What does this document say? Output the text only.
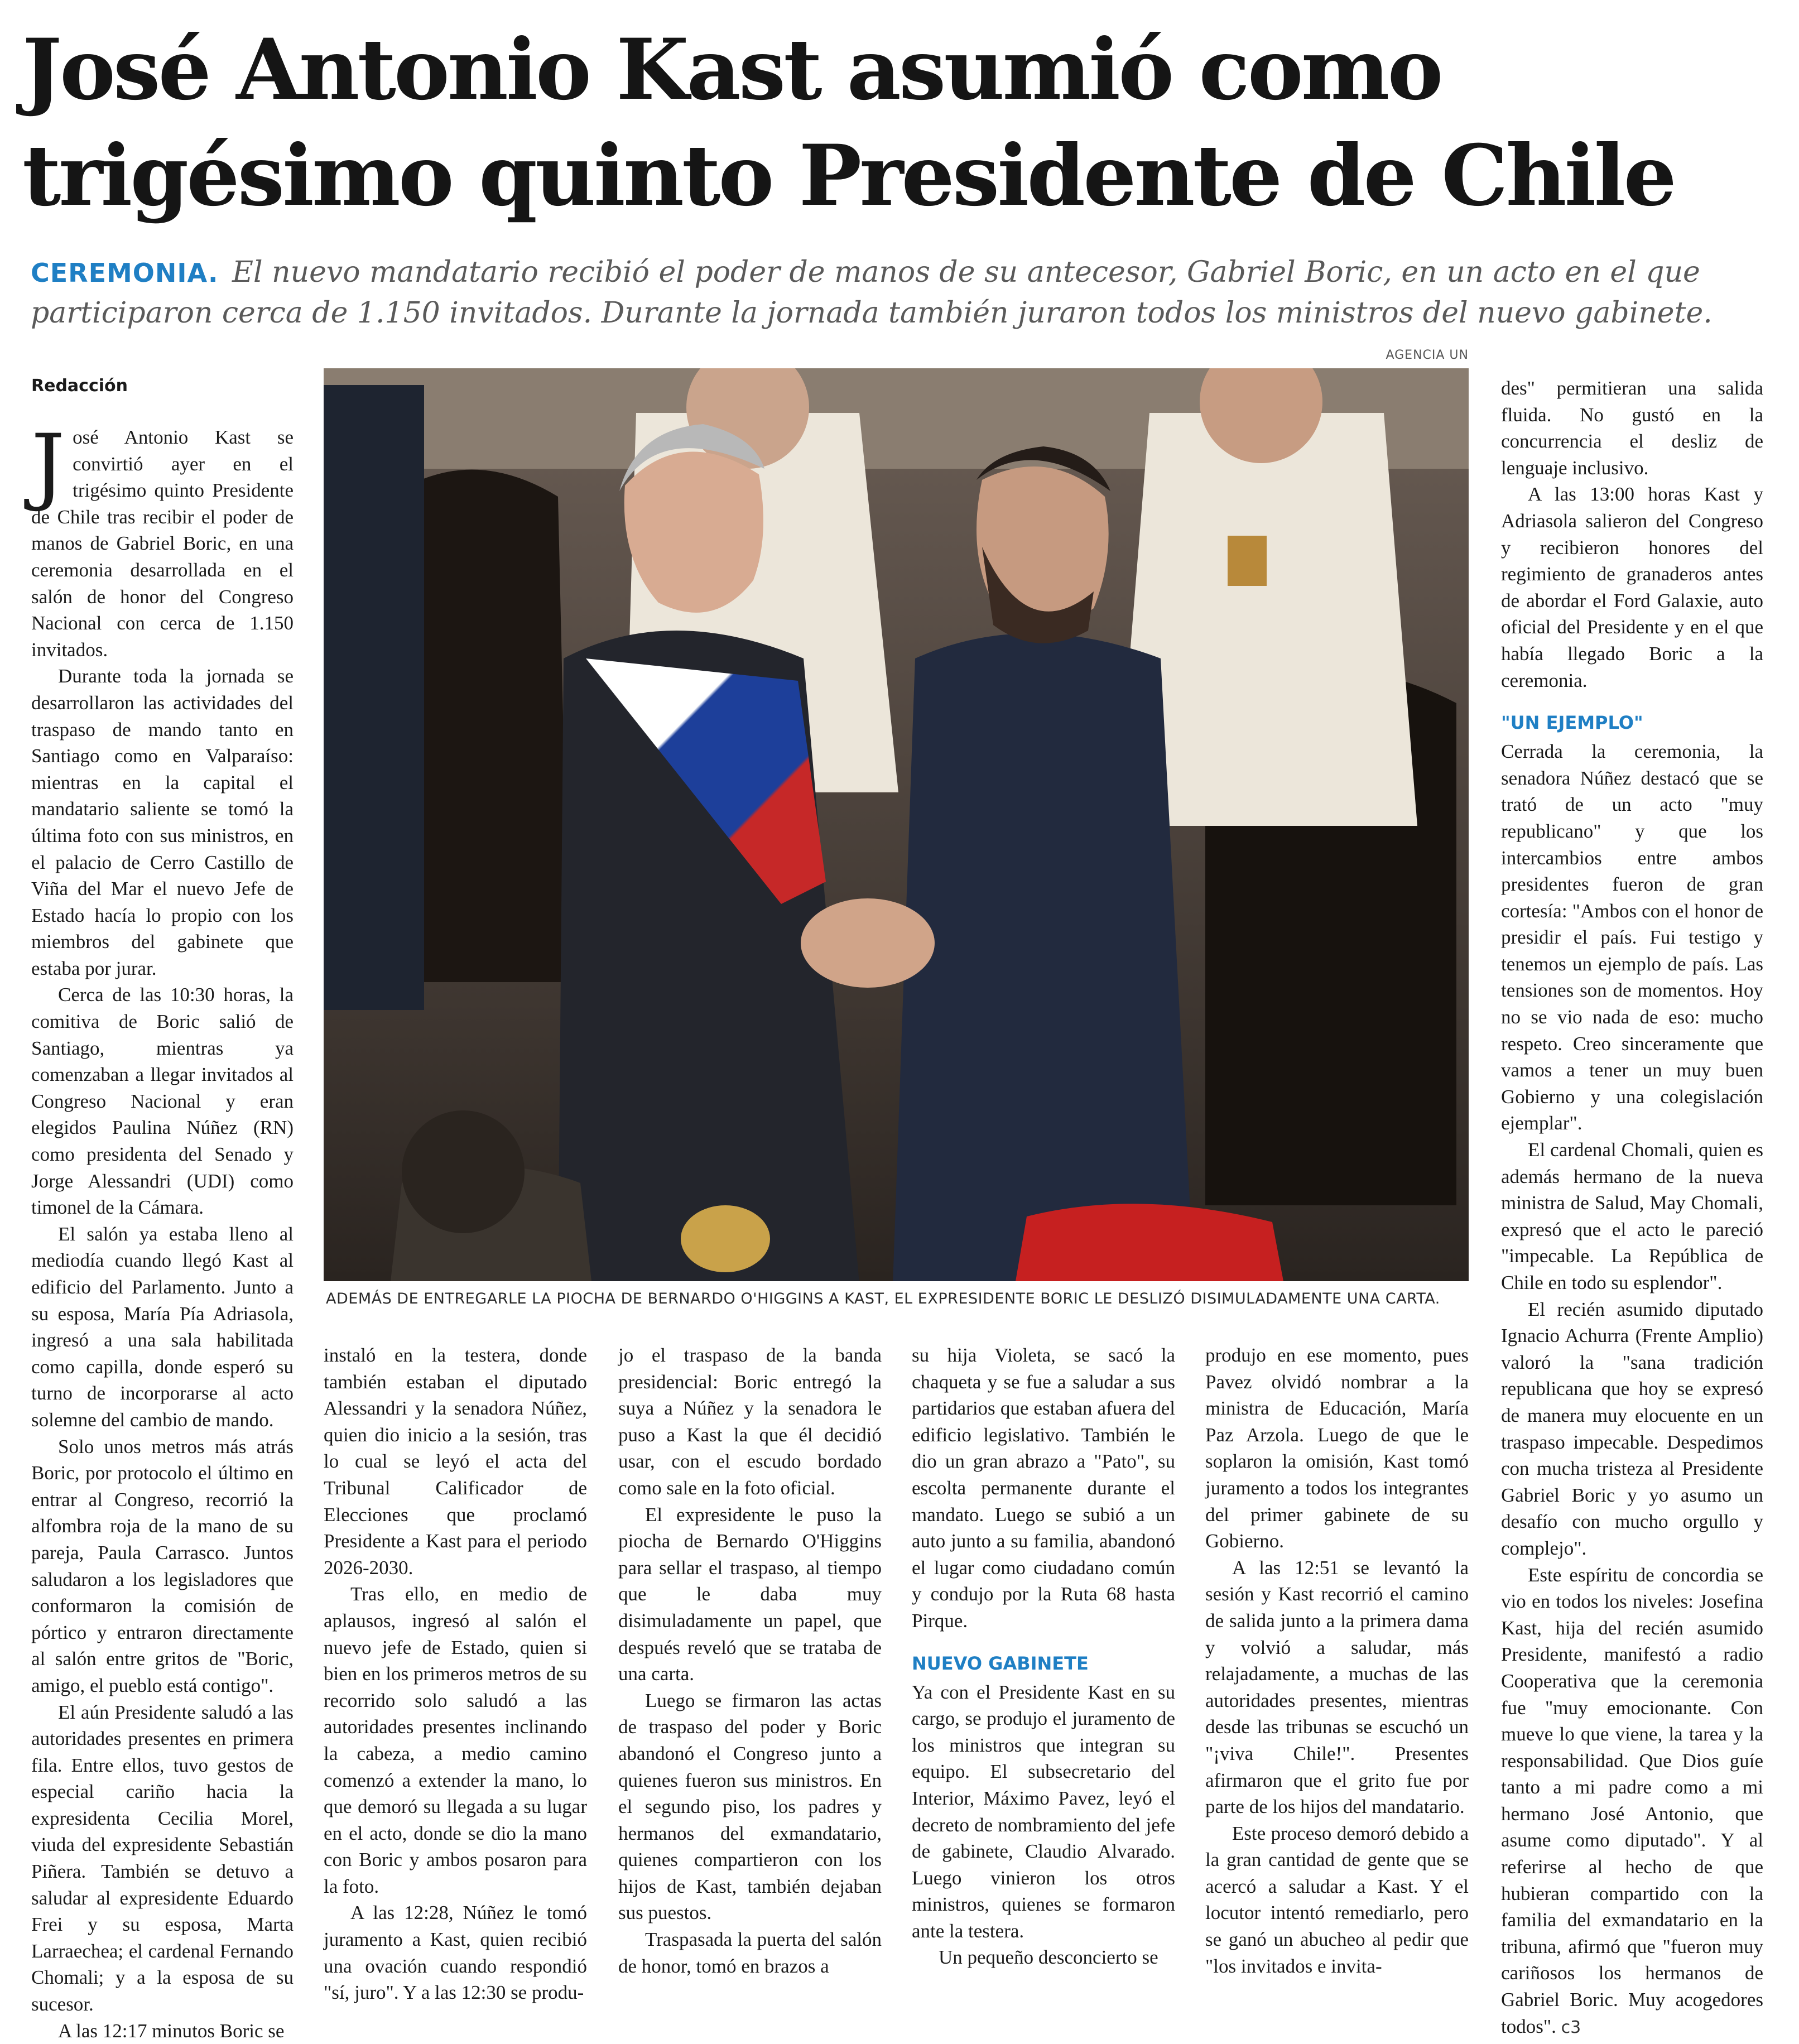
José Antonio Kast asumió como trigésimo quinto Presidente de Chile

CEREMONIA. El nuevo mandatario recibió el poder de manos de su antecesor, Gabriel Boric, en un acto en el que participaron cerca de 1.150 invitados. Durante la jornada también juraron todos los ministros del nuevo gabinete.

Redacción

José Antonio Kast se convirtió ayer en el trigésimo quinto Presidente de Chile tras recibir el poder de manos de Gabriel Boric, en una ceremonia desarrollada en el salón de honor del Congreso Nacional con cerca de 1.150 invitados.

Durante toda la jornada se desarrollaron las actividades del traspaso de mando tanto en Santiago como en Valparaíso: mientras en la capital el mandatario saliente se tomó la última foto con sus ministros, en el palacio de Cerro Castillo de Viña del Mar el nuevo Jefe de Estado hacía lo propio con los miembros del gabinete que estaba por jurar.

Cerca de las 10:30 horas, la comitiva de Boric salió de Santiago, mientras ya comenzaban a llegar invitados al Congreso Nacional y eran elegidos Paulina Núñez (RN) como presidenta del Senado y Jorge Alessandri (UDI) como timonel de la Cámara.

El salón ya estaba lleno al mediodía cuando llegó Kast al edificio del Parlamento. Junto a su esposa, María Pía Adriasola, ingresó a una sala habilitada como capilla, donde esperó su turno de incorporarse al acto solemne del cambio de mando.

Solo unos metros más atrás Boric, por protocolo el último en entrar al Congreso, recorrió la alfombra roja de la mano de su pareja, Paula Carrasco. Juntos saludaron a los legisladores que conformaron la comisión de pórtico y entraron directamente al salón entre gritos de "Boric, amigo, el pueblo está contigo".

El aún Presidente saludó a las autoridades presentes en primera fila. Entre ellos, tuvo gestos de especial cariño hacia la expresidenta Cecilia Morel, viuda del expresidente Sebastián Piñera. También se detuvo a saludar al expresidente Eduardo Frei y su esposa, Marta Larraechea; el cardenal Fernando Chomali; y a la esposa de su sucesor.

A las 12:17 minutos Boric se

AGENCIA UN
ADEMÁS DE ENTREGARLE LA PIOCHA DE BERNARDO O'HIGGINS A KAST, EL EXPRESIDENTE BORIC LE DESLIZÓ DISIMULADAMENTE UNA CARTA.

instaló en la testera, donde también estaban el diputado Alessandri y la senadora Núñez, quien dio inicio a la sesión, tras lo cual se leyó el acta del Tribunal Calificador de Elecciones que proclamó Presidente a Kast para el periodo 2026-2030.

Tras ello, en medio de aplausos, ingresó al salón el nuevo jefe de Estado, quien si bien en los primeros metros de su recorrido solo saludó a las autoridades presentes inclinando la cabeza, a medio camino comenzó a extender la mano, lo que demoró su llegada a su lugar en el acto, donde se dio la mano con Boric y ambos posaron para la foto.

A las 12:28, Núñez le tomó juramento a Kast, quien recibió una ovación cuando respondió "sí, juro". Y a las 12:30 se produ-

jo el traspaso de la banda presidencial: Boric entregó la suya a Núñez y la senadora le puso a Kast la que él decidió usar, con el escudo bordado como sale en la foto oficial.

El expresidente le puso la piocha de Bernardo O'Higgins para sellar el traspaso, al tiempo que le daba muy disimuladamente un papel, que después reveló que se trataba de una carta.

Luego se firmaron las actas de traspaso del poder y Boric abandonó el Congreso junto a quienes fueron sus ministros. En el segundo piso, los padres y hermanos del exmandatario, quienes compartieron con los hijos de Kast, también dejaban sus puestos.

Traspasada la puerta del salón de honor, tomó en brazos a

su hija Violeta, se sacó la chaqueta y se fue a saludar a sus partidarios que estaban afuera del edificio legislativo. También le dio un gran abrazo a "Pato", su escolta permanente durante el mandato. Luego se subió a un auto junto a su familia, abandonó el lugar como ciudadano común y condujo por la Ruta 68 hasta Pirque.

NUEVO GABINETE

Ya con el Presidente Kast en su cargo, se produjo el juramento de los ministros que integran su equipo. El subsecretario del Interior, Máximo Pavez, leyó el decreto de nombramiento del jefe de gabinete, Claudio Alvarado. Luego vinieron los otros ministros, quienes se formaron ante la testera.

Un pequeño desconcierto se

produjo en ese momento, pues Pavez olvidó nombrar a la ministra de Educación, María Paz Arzola. Luego de que le soplaron la omisión, Kast tomó juramento a todos los integrantes del primer gabinete de su Gobierno.

A las 12:51 se levantó la sesión y Kast recorrió el camino de salida junto a la primera dama y volvió a saludar, más relajadamente, a muchas de las autoridades presentes, mientras desde las tribunas se escuchó un "¡viva Chile!". Presentes afirmaron que el grito fue por parte de los hijos del mandatario.

Este proceso demoró debido a la gran cantidad de gente que se acercó a saludar a Kast. Y el locutor intentó remediarlo, pero se ganó un abucheo al pedir que "los invitados e invita-

des" permitieran una salida fluida. No gustó en la concurrencia el desliz de lenguaje inclusivo.

A las 13:00 horas Kast y Adriasola salieron del Congreso y recibieron honores del regimiento de granaderos antes de abordar el Ford Galaxie, auto oficial del Presidente y en el que había llegado Boric a la ceremonia.

"UN EJEMPLO"

Cerrada la ceremonia, la senadora Núñez destacó que se trató de un acto "muy republicano" y que los intercambios entre ambos presidentes fueron de gran cortesía: "Ambos con el honor de presidir el país. Fui testigo y tenemos un ejemplo de país. Las tensiones son de momentos. Hoy no se vio nada de eso: mucho respeto. Creo sinceramente que vamos a tener un muy buen Gobierno y una colegislación ejemplar".

El cardenal Chomali, quien es además hermano de la nueva ministra de Salud, May Chomali, expresó que el acto le pareció "impecable. La República de Chile en todo su esplendor".

El recién asumido diputado Ignacio Achurra (Frente Amplio) valoró la "sana tradición republicana que hoy se expresó de manera muy elocuente en un traspaso impecable. Despedimos con mucha tristeza al Presidente Gabriel Boric y yo asumo un desafío con mucho orgullo y complejo".

Este espíritu de concordia se vio en todos los niveles: Josefina Kast, hija del recién asumido Presidente, manifestó a radio Cooperativa que la ceremonia fue "muy emocionante. Con mueve lo que viene, la tarea y la responsabilidad. Que Dios guíe tanto a mi padre como a mi hermano José Antonio, que asume como diputado". Y al referirse al hecho de que hubieran compartido con la familia del exmandatario en la tribuna, afirmó que "fueron muy cariñosos los hermanos de Gabriel Boric. Muy acogedores todos". c3
